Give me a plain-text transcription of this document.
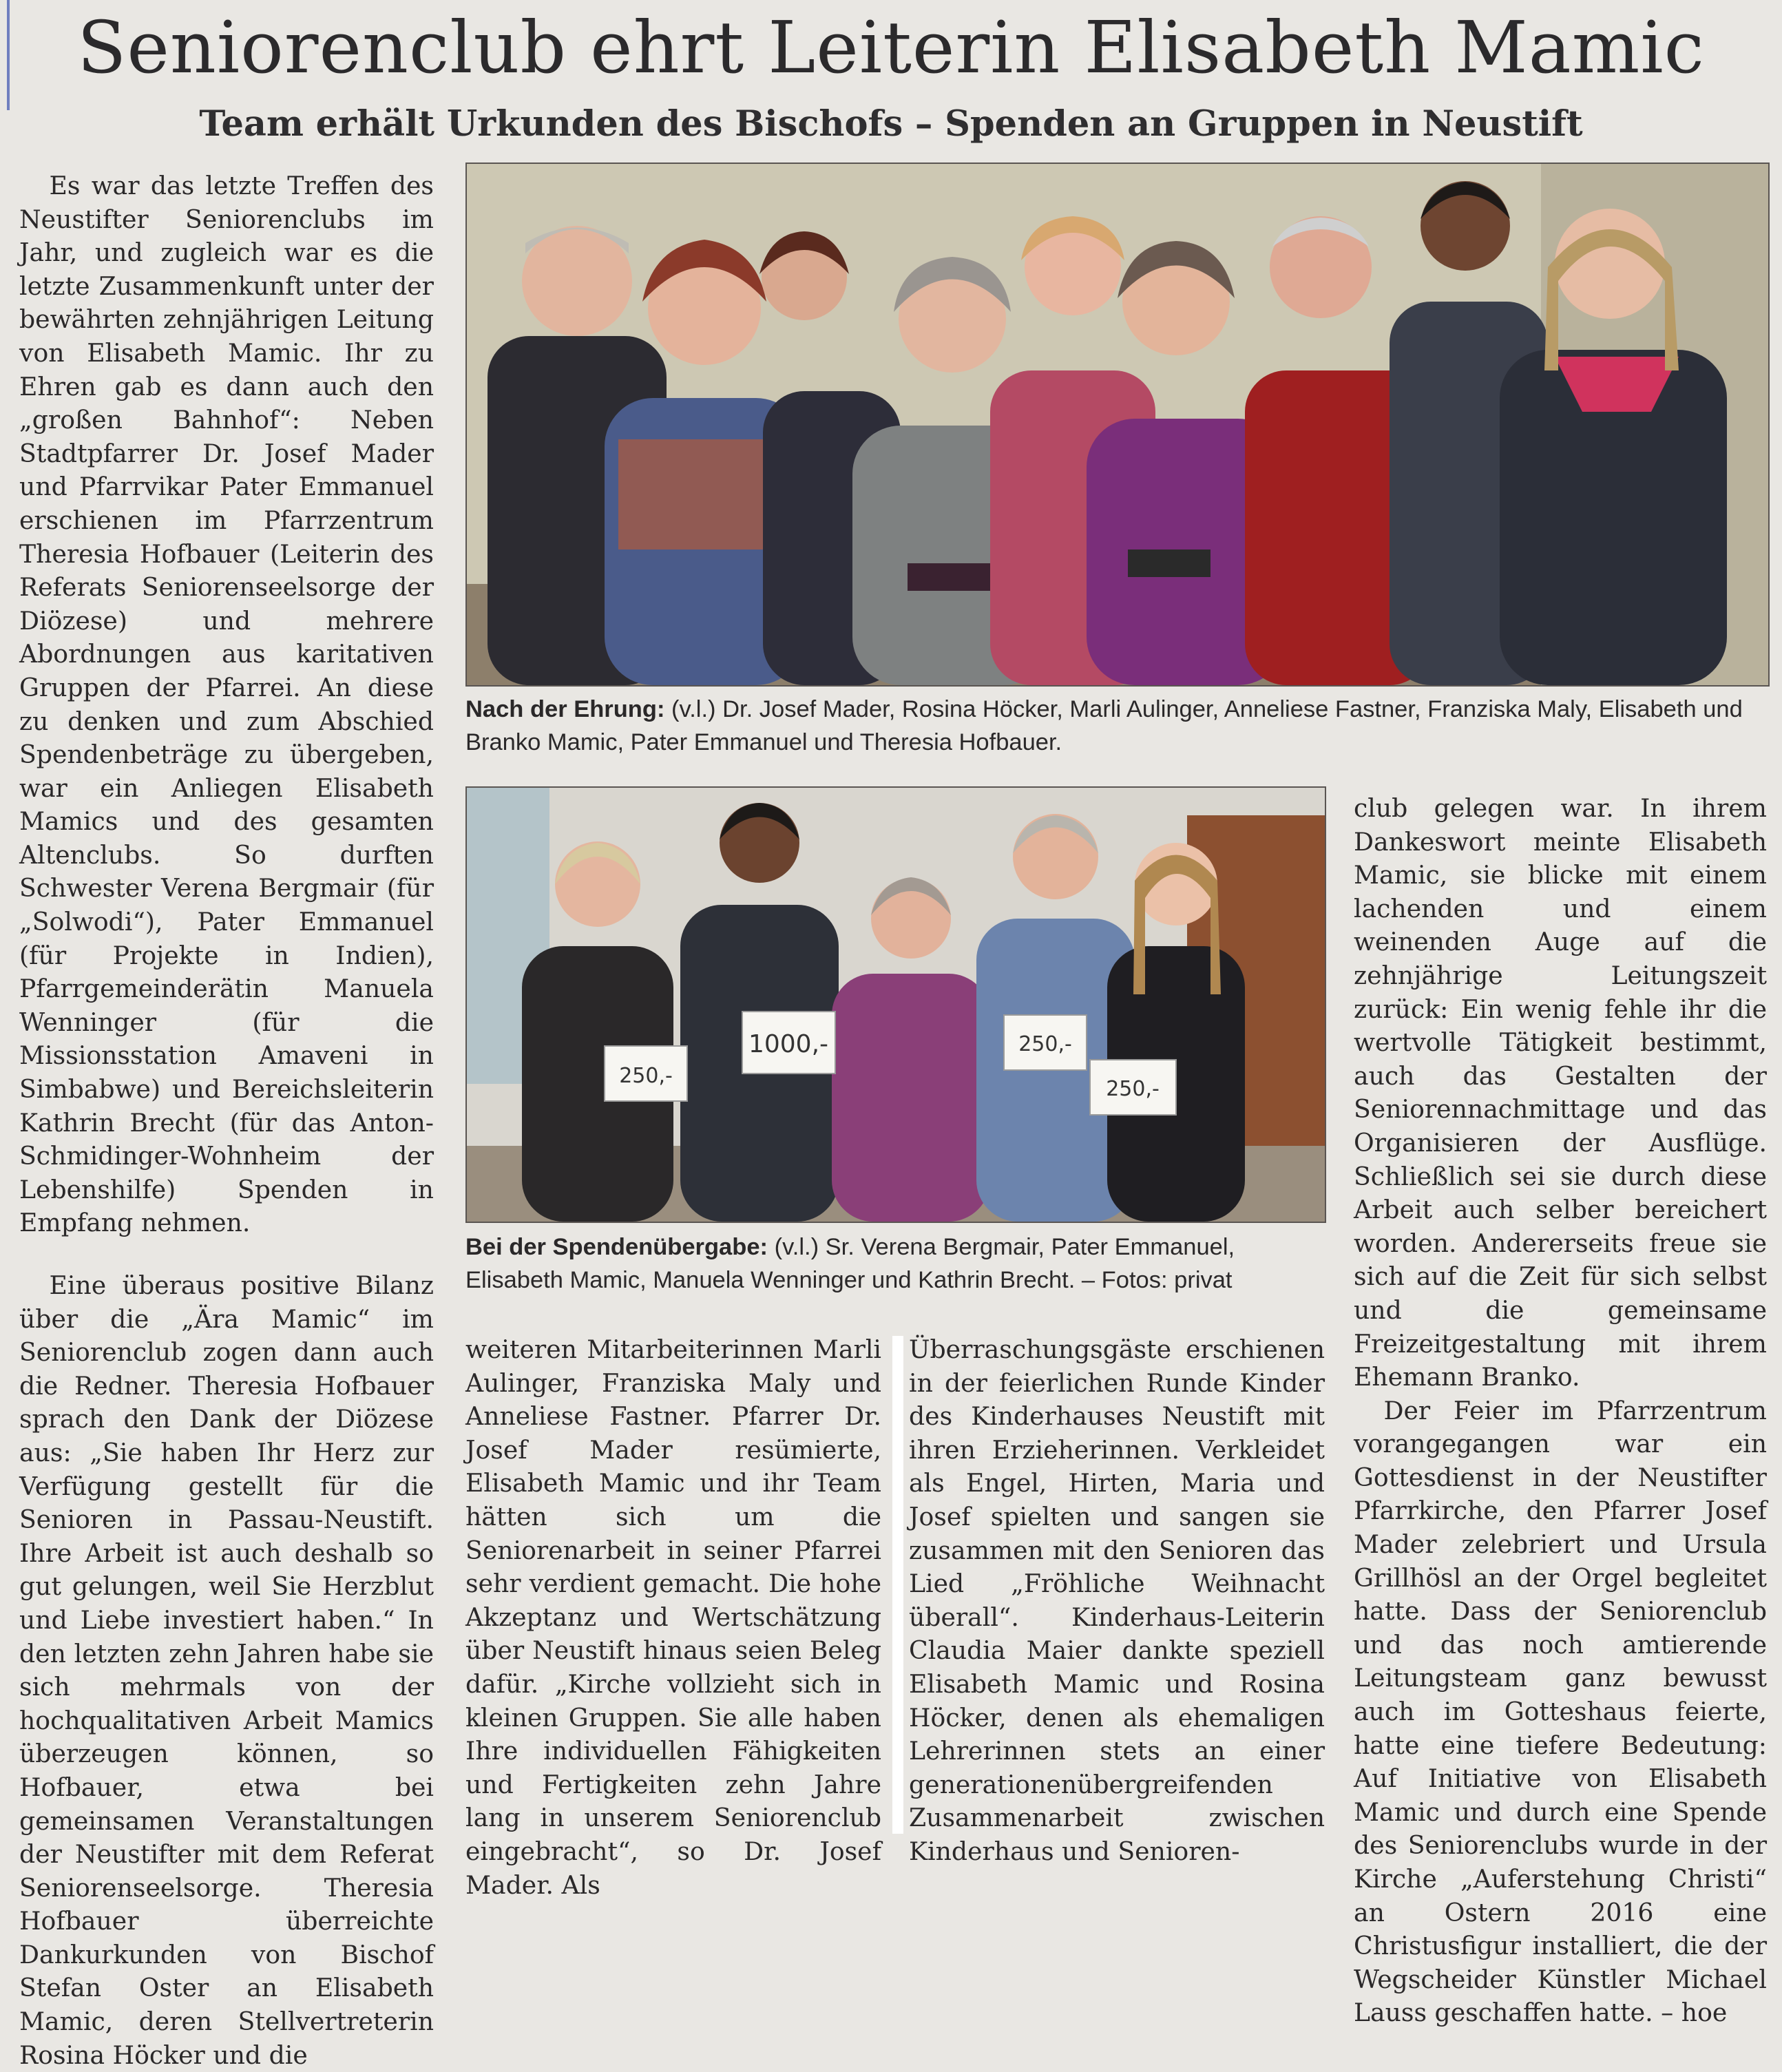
Seniorenclub ehrt Leiterin Elisabeth Mamic
Team erhält Urkunden des Bischofs – Spenden an Gruppen in Neustift

Es war das letzte Treffen des Neustifter Seniorenclubs im Jahr, und zugleich war es die letzte Zusammenkunft unter der bewährten zehnjährigen Leitung von Elisabeth Mamic. Ihr zu Ehren gab es dann auch den „großen Bahnhof“: Neben Stadtpfarrer Dr. Josef Mader und Pfarrvikar Pater Emmanuel erschienen im Pfarrzentrum Theresia Hofbauer (Leiterin des Referats Seniorenseelsorge der Diözese) und mehrere Abordnungen aus karitativen Gruppen der Pfarrei. An diese zu denken und zum Abschied Spendenbeträge zu übergeben, war ein Anliegen Elisabeth Mamics und des gesamten Altenclubs. So durften Schwester Verena Bergmair (für „Solwodi“), Pater Emmanuel (für Projekte in Indien), Pfarrgemeinderätin Manuela Wenninger (für die Missionsstation Amaveni in Simbabwe) und Bereichsleiterin Kathrin Brecht (für das Anton-Schmidinger-Wohnheim der Lebenshilfe) Spenden in Empfang nehmen.

Eine überaus positive Bilanz über die „Ära Mamic“ im Seniorenclub zogen dann auch die Redner. Theresia Hofbauer sprach den Dank der Diözese aus: „Sie haben Ihr Herz zur Verfügung gestellt für die Senioren in Passau-Neustift. Ihre Arbeit ist auch deshalb so gut gelungen, weil Sie Herzblut und Liebe investiert haben.“ In den letzten zehn Jahren habe sie sich mehrmals von der hochqualitativen Arbeit Mamics überzeugen können, so Hofbauer, etwa bei gemeinsamen Veranstaltungen der Neustifter mit dem Referat Seniorenseelsorge. Theresia Hofbauer überreichte Dankurkunden von Bischof Stefan Oster an Elisabeth Mamic, deren Stellvertreterin Rosina Höcker und die

Nach der Ehrung: (v.l.) Dr. Josef Mader, Rosina Höcker, Marli Aulinger, Anneliese Fastner, Franziska Maly, Elisabeth und Branko Mamic, Pater Emmanuel und Theresia Hofbauer.
250,-
1000,-	250,-
250,-
Bei der Spendenübergabe: (v.l.) Sr. Verena Bergmair, Pater Emmanuel, Elisabeth Mamic, Manuela Wenninger und Kathrin Brecht. – Fotos: privat

weiteren Mitarbeiterinnen Marli Aulinger, Franziska Maly und Anneliese Fastner. Pfarrer Dr. Josef Mader resümierte, Elisabeth Mamic und ihr Team hätten sich um die Seniorenarbeit in seiner Pfarrei sehr verdient gemacht. Die hohe Akzeptanz und Wertschätzung über Neustift hinaus seien Beleg dafür. „Kirche vollzieht sich in kleinen Gruppen. Sie alle haben Ihre individuellen Fähigkeiten und Fertigkeiten zehn Jahre lang in unserem Seniorenclub eingebracht“, so Dr. Josef Mader. Als

Überraschungsgäste erschienen in der feierlichen Runde Kinder des Kinderhauses Neustift mit ihren Erzieherinnen. Verkleidet als Engel, Hirten, Maria und Josef spielten und sangen sie zusammen mit den Senioren das Lied „Fröhliche Weihnacht überall“. Kinderhaus-Leiterin Claudia Maier dankte speziell Elisabeth Mamic und Rosina Höcker, denen als ehemaligen Lehrerinnen stets an einer generationenübergreifenden Zusammenarbeit zwischen Kinderhaus und Senioren-

club gelegen war. In ihrem Dankeswort meinte Elisabeth Mamic, sie blicke mit einem lachenden und einem weinenden Auge auf die zehnjährige Leitungszeit zurück: Ein wenig fehle ihr die wertvolle Tätigkeit bestimmt, auch das Gestalten der Seniorennachmittage und das Organisieren der Ausflüge. Schließlich sei sie durch diese Arbeit auch selber bereichert worden. Andererseits freue sie sich auf die Zeit für sich selbst und die gemeinsame Freizeitgestaltung mit ihrem Ehemann Branko.

Der Feier im Pfarrzentrum vorangegangen war ein Gottesdienst in der Neustifter Pfarrkirche, den Pfarrer Josef Mader zelebriert und Ursula Grillhösl an der Orgel begleitet hatte. Dass der Seniorenclub und das noch amtierende Leitungsteam ganz bewusst auch im Gotteshaus feierte, hatte eine tiefere Bedeutung: Auf Initiative von Elisabeth Mamic und durch eine Spende des Seniorenclubs wurde in der Kirche „Auferstehung Christi“ an Ostern 2016 eine Christusfigur installiert, die der Wegscheider Künstler Michael Lauss geschaffen hatte. – hoe
